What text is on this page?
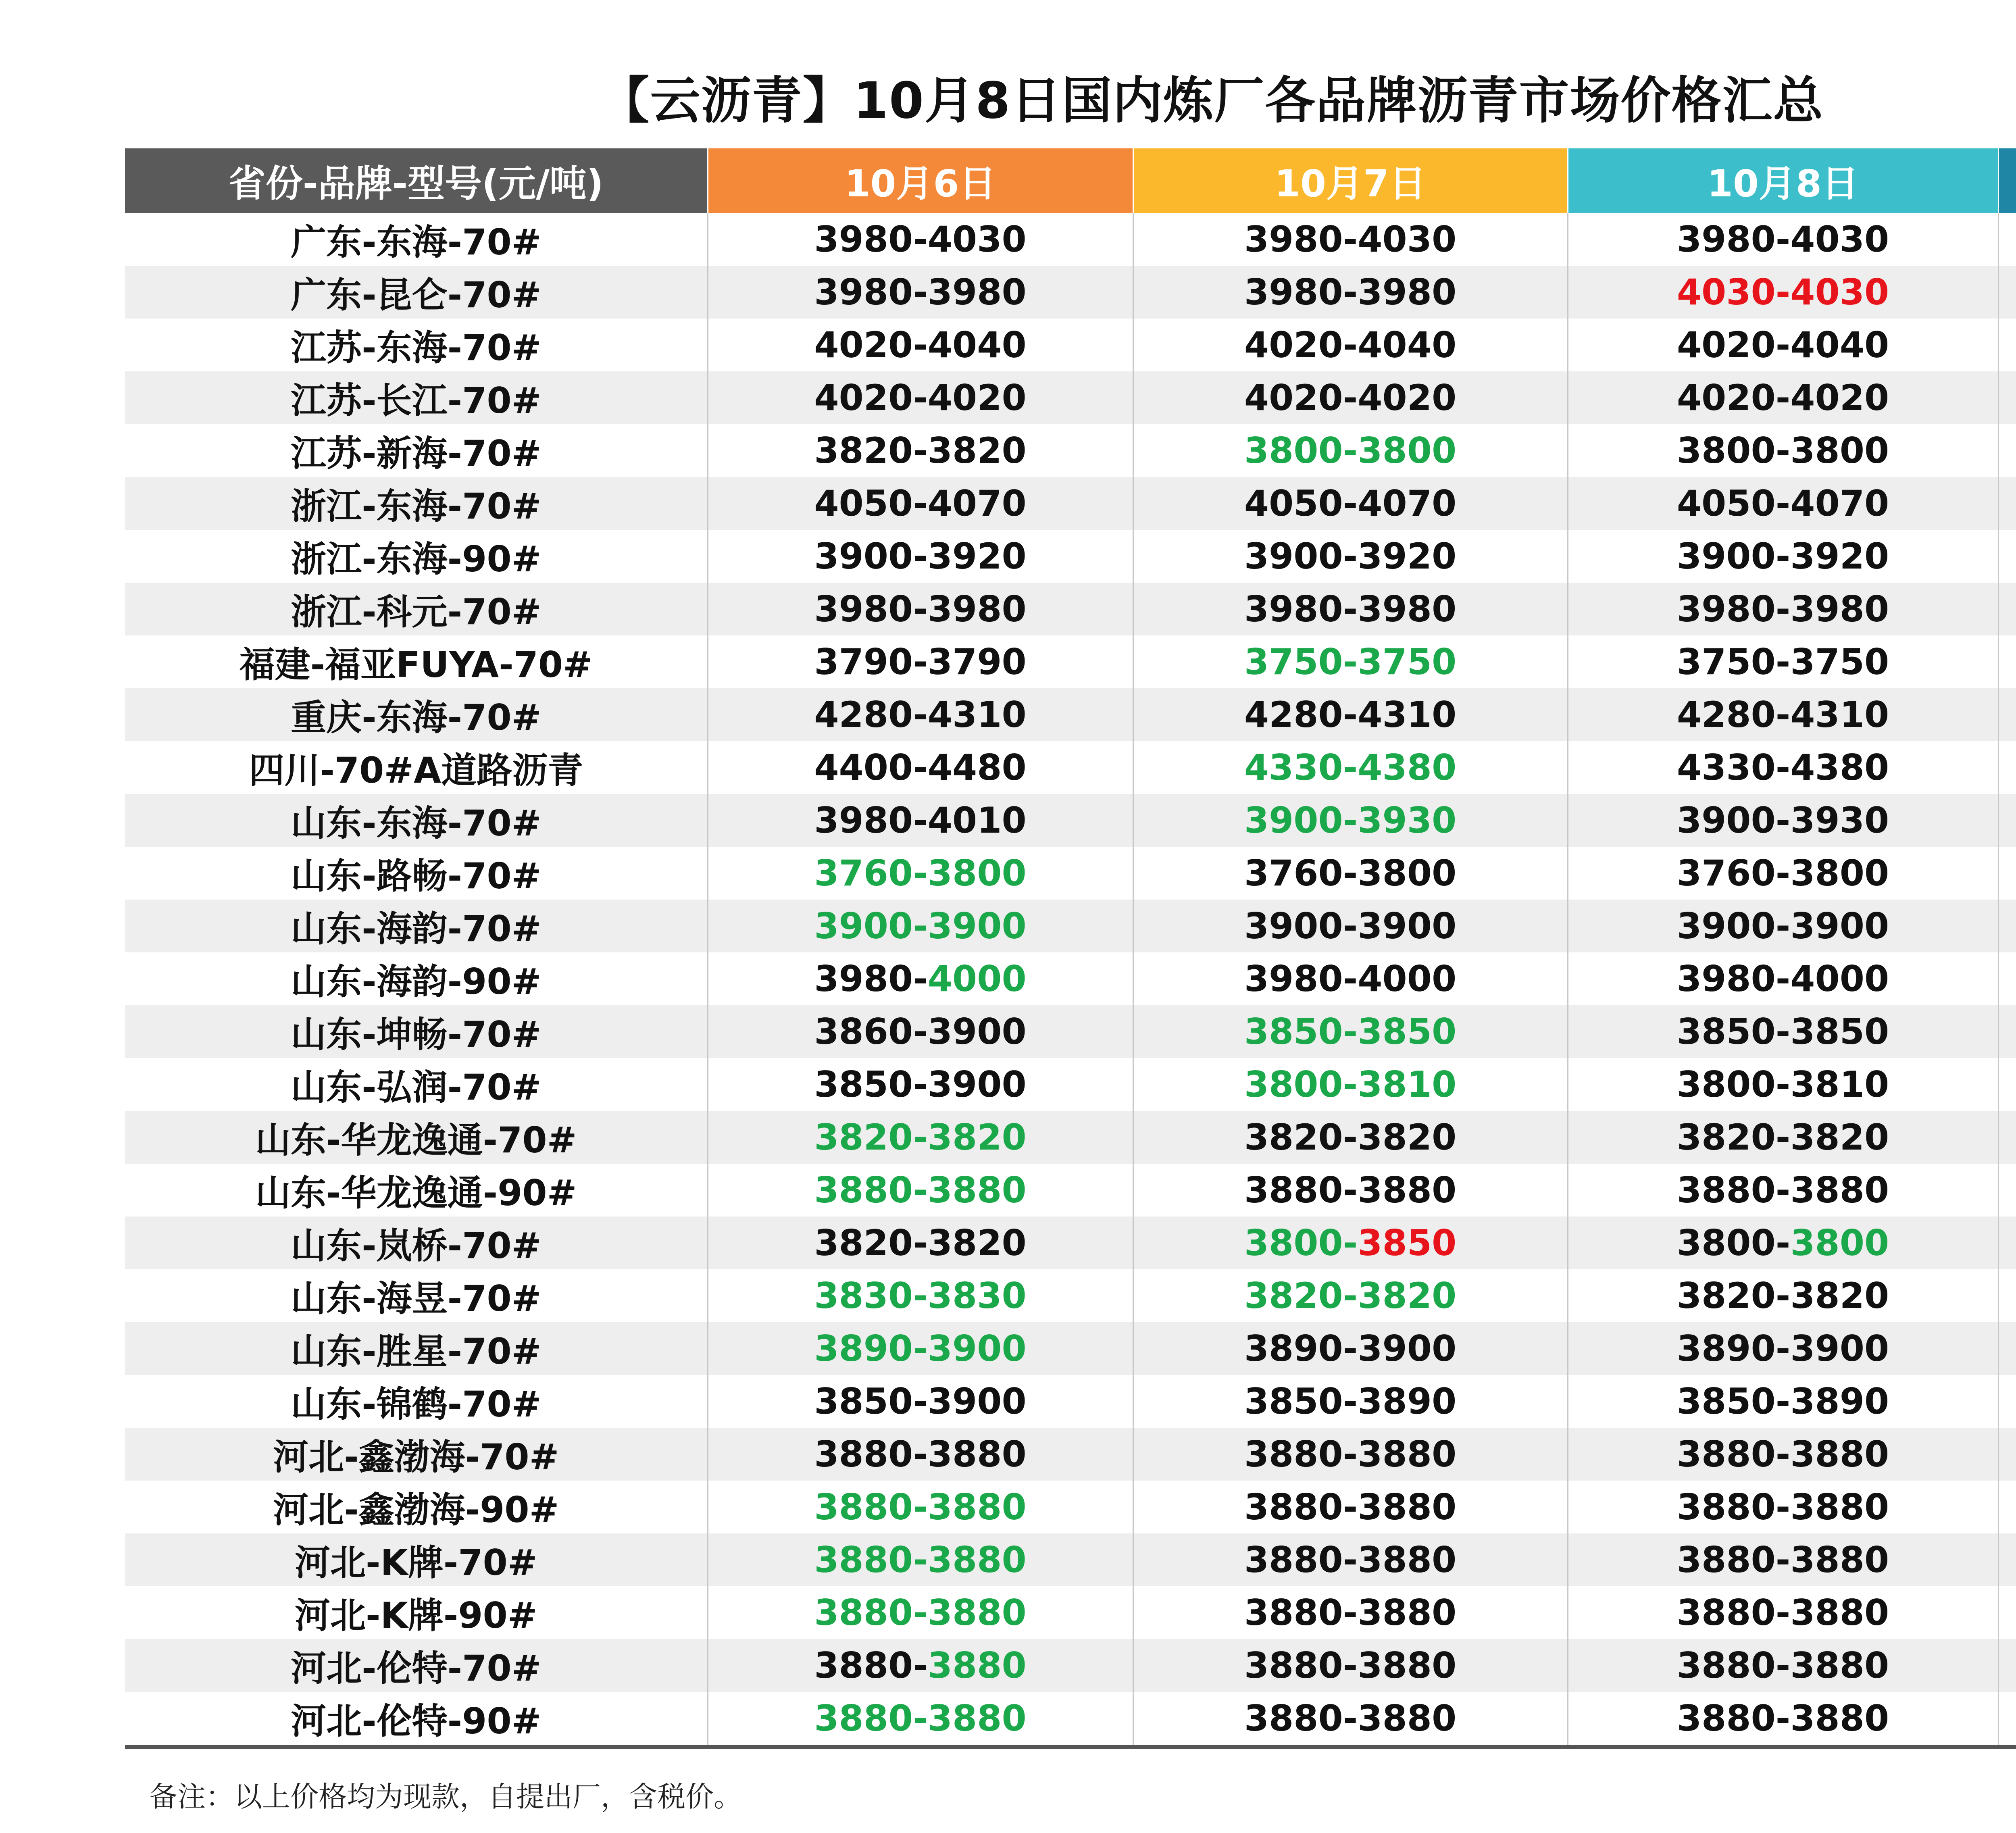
【云沥青】10月8日国内炼厂各品牌沥青市场价格汇总
省份-品牌-型号(元/吨)	10月6日	10月7日	10月8日	
广东-东海-70#	3980-4030	3980-4030	3980-4030	
广东-昆仑-70#	3980-3980	3980-3980	4030-4030	
江苏-东海-70#	4020-4040	4020-4040	4020-4040	
江苏-长江-70#	4020-4020	4020-4020	4020-4020	
江苏-新海-70#	3820-3820	3800-3800	3800-3800	
浙江-东海-70#	4050-4070	4050-4070	4050-4070	
浙江-东海-90#	3900-3920	3900-3920	3900-3920	
浙江-科元-70#	3980-3980	3980-3980	3980-3980	
福建-福亚FUYA-70#	3790-3790	3750-3750	3750-3750	
重庆-东海-70#	4280-4310	4280-4310	4280-4310	
四川-70#A道路沥青	4400-4480	4330-4380	4330-4380	
山东-东海-70#	3980-4010	3900-3930	3900-3930	
山东-路畅-70#	3760-3800	3760-3800	3760-3800	
山东-海韵-70#	3900-3900	3900-3900	3900-3900	
山东-海韵-90#	3980-4000	3980-4000	3980-4000	
山东-坤畅-70#	3860-3900	3850-3850	3850-3850	
山东-弘润-70#	3850-3900	3800-3810	3800-3810	
山东-华龙逸通-70#	3820-3820	3820-3820	3820-3820	
山东-华龙逸通-90#	3880-3880	3880-3880	3880-3880	
山东-岚桥-70#	3820-3820	3800-3850	3800-3800	
山东-海昱-70#	3830-3830	3820-3820	3820-3820	
山东-胜星-70#	3890-3900	3890-3900	3890-3900	
山东-锦鹤-70#	3850-3900	3850-3890	3850-3890	
河北-鑫渤海-70#	3880-3880	3880-3880	3880-3880	
河北-鑫渤海-90#	3880-3880	3880-3880	3880-3880	
河北-K牌-70#	3880-3880	3880-3880	3880-3880	
河北-K牌-90#	3880-3880	3880-3880	3880-3880	
河北-伦特-70#	3880-3880	3880-3880	3880-3880	
河北-伦特-90#	3880-3880	3880-3880	3880-3880	
备注：以上价格均为现款，自提出厂，含税价。
